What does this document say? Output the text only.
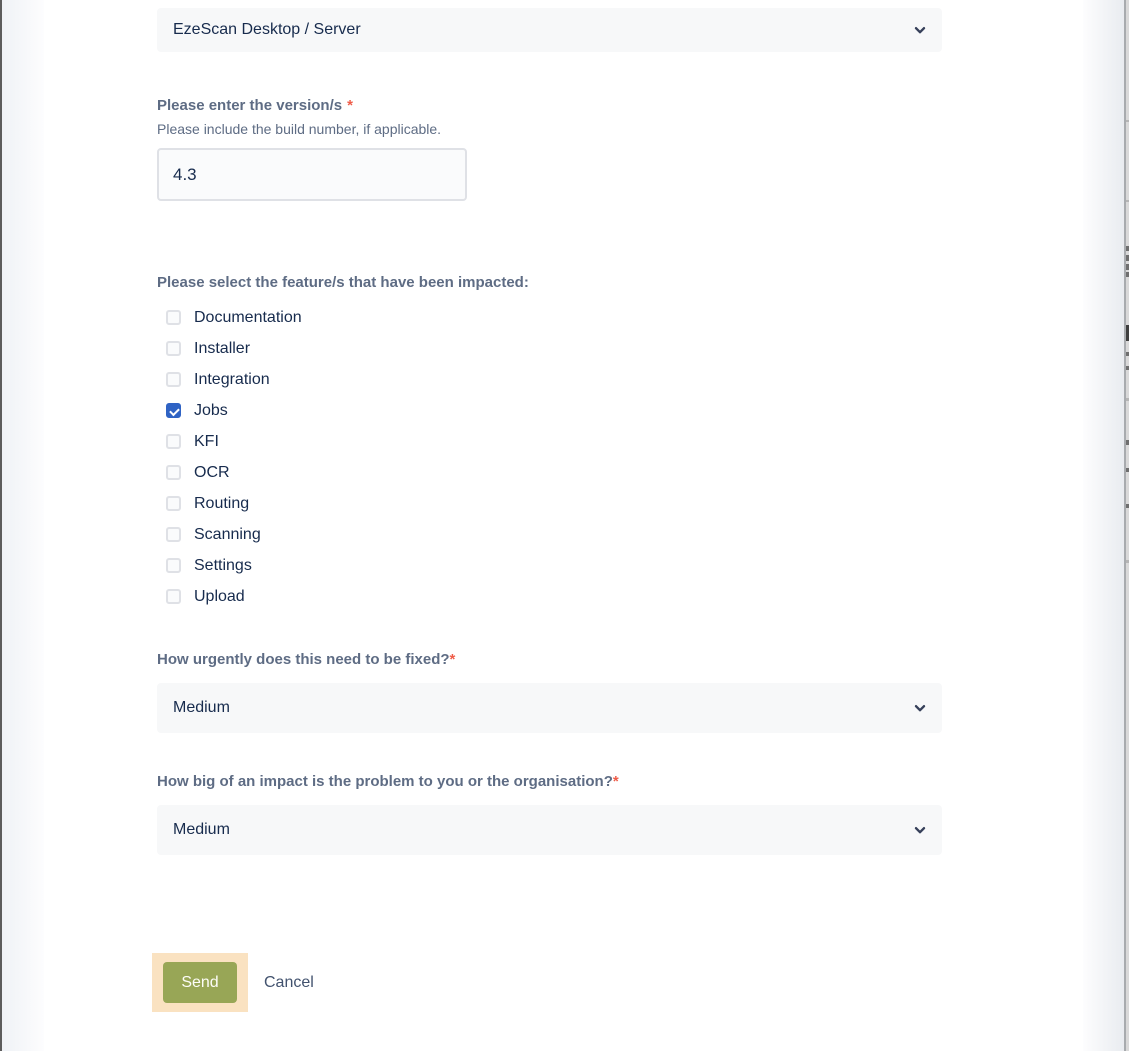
EzeScan Desktop / Server
Please enter the version/s *
Please include the build number, if applicable.
4.3
Please select the feature/s that have been impacted:
Documentation
Installer
Integration
Jobs
KFI
OCR
Routing
Scanning
Settings
Upload
How urgently does this need to be fixed?*
Medium
How big of an impact is the problem to you or the organisation?*
Medium
Send	Cancel
